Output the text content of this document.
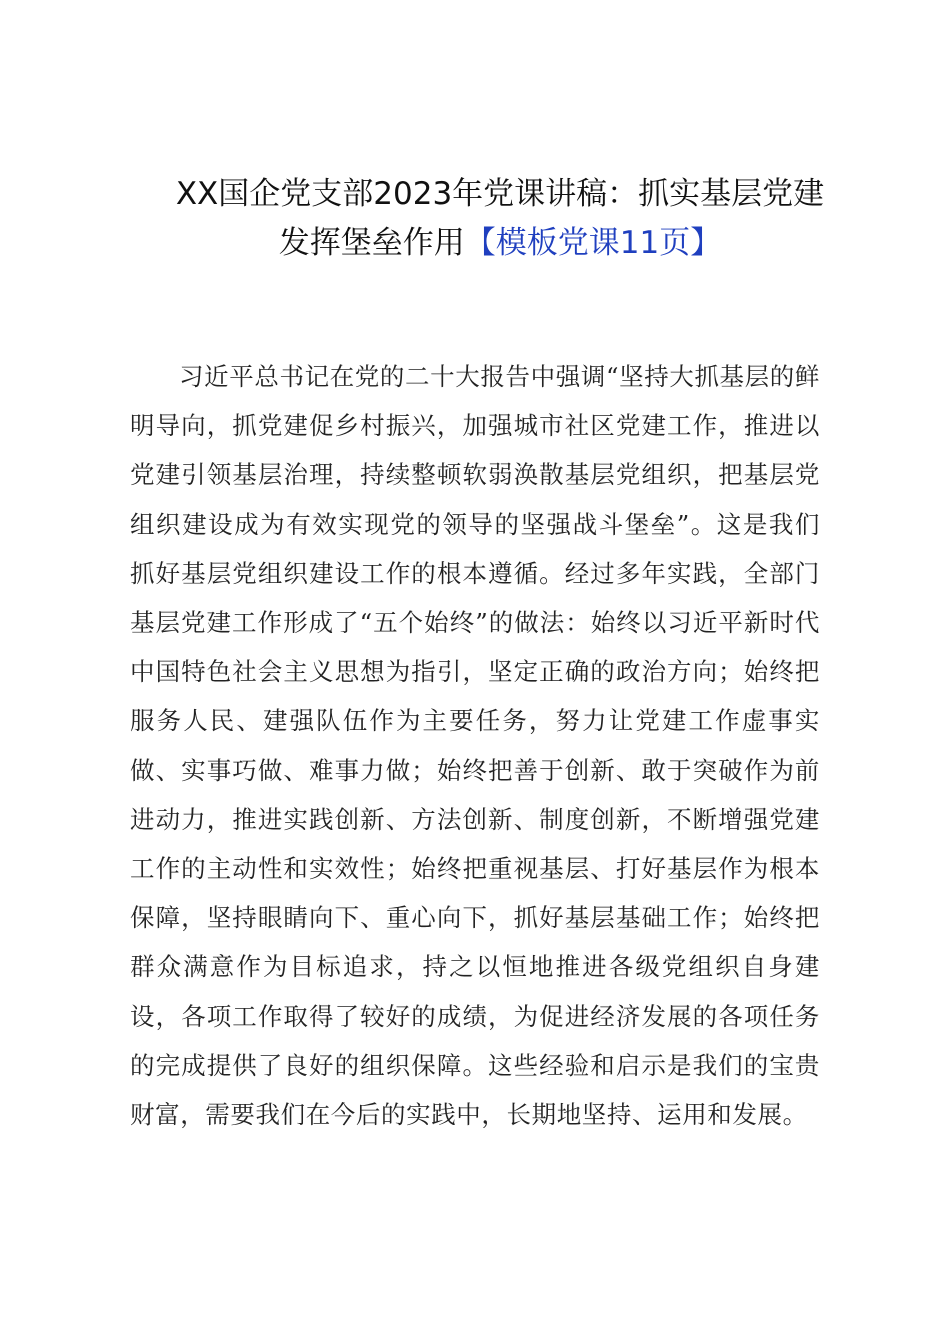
XX国企党支部2023年党课讲稿：抓实基层党建
发挥堡垒作用【模板党课11页】

习近平总书记在党的二十大报告中强调“坚持大抓基层的鲜明导向，抓党建促乡村振兴，加强城市社区党建工作，推进以党建引领基层治理，持续整顿软弱涣散基层党组织，把基层党组织建设成为有效实现党的领导的坚强战斗堡垒”。这是我们抓好基层党组织建设工作的根本遵循。经过多年实践，全部门基层党建工作形成了“五个始终”的做法：始终以习近平新时代中国特色社会主义思想为指引，坚定正确的政治方向；始终把服务人民、建强队伍作为主要任务，努力让党建工作虚事实做、实事巧做、难事力做；始终把善于创新、敢于突破作为前进动力，推进实践创新、方法创新、制度创新，不断增强党建工作的主动性和实效性；始终把重视基层、打好基层作为根本保障，坚持眼睛向下、重心向下，抓好基层基础工作；始终把群众满意作为目标追求，持之以恒地推进各级党组织自身建设，各项工作取得了较好的成绩，为促进经济发展的各项任务的完成提供了良好的组织保障。这些经验和启示是我们的宝贵财富，需要我们在今后的实践中，长期地坚持、运用和发展。
